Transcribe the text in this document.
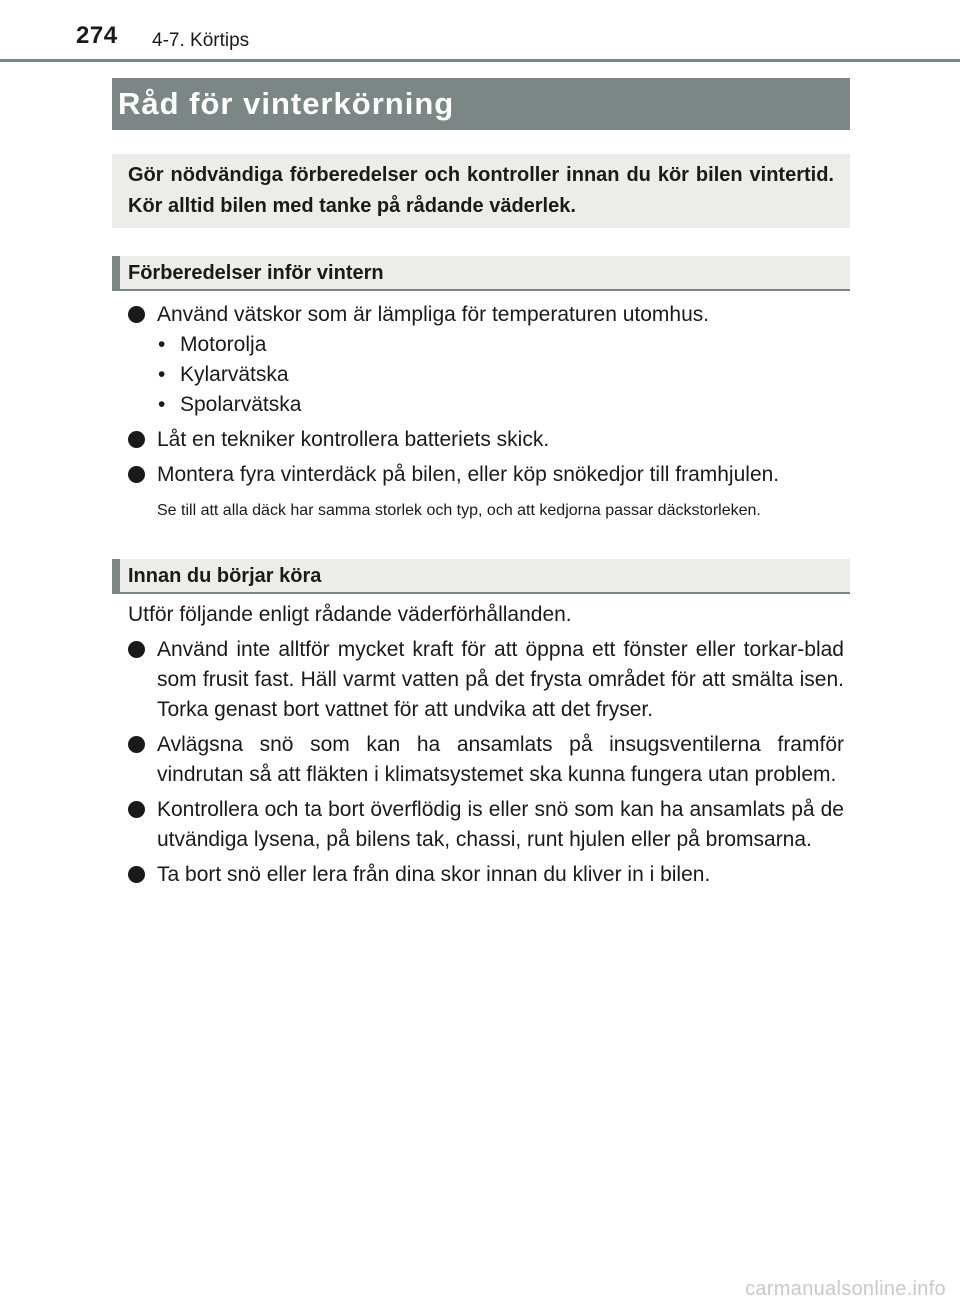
274 4-7. Körtips
Råd för vinterkörning
Gör nödvändiga förberedelser och kontroller innan du kör bilen vintertid. Kör alltid bilen med tanke på rådande väderlek.
Förberedelser inför vintern
Använd vätskor som är lämpliga för temperaturen utomhus.
• Motorolja
• Kylarvätska
• Spolarvätska
Låt en tekniker kontrollera batteriets skick.
Montera fyra vinterdäck på bilen, eller köp snökedjor till framhjulen.
Se till att alla däck har samma storlek och typ, och att kedjorna passar däckstorleken.
Innan du börjar köra
Utför följande enligt rådande väderförhållanden.
Använd inte alltför mycket kraft för att öppna ett fönster eller torkar-blad som frusit fast. Häll varmt vatten på det frysta området för att smälta isen. Torka genast bort vattnet för att undvika att det fryser.
Avlägsna snö som kan ha ansamlats på insugsventilerna framför vindrutan så att fläkten i klimatsystemet ska kunna fungera utan problem.
Kontrollera och ta bort överflödig is eller snö som kan ha ansamlats på de utvändiga lysena, på bilens tak, chassi, runt hjulen eller på bromsarna.
Ta bort snö eller lera från dina skor innan du kliver in i bilen.
carmanualsonline.info
